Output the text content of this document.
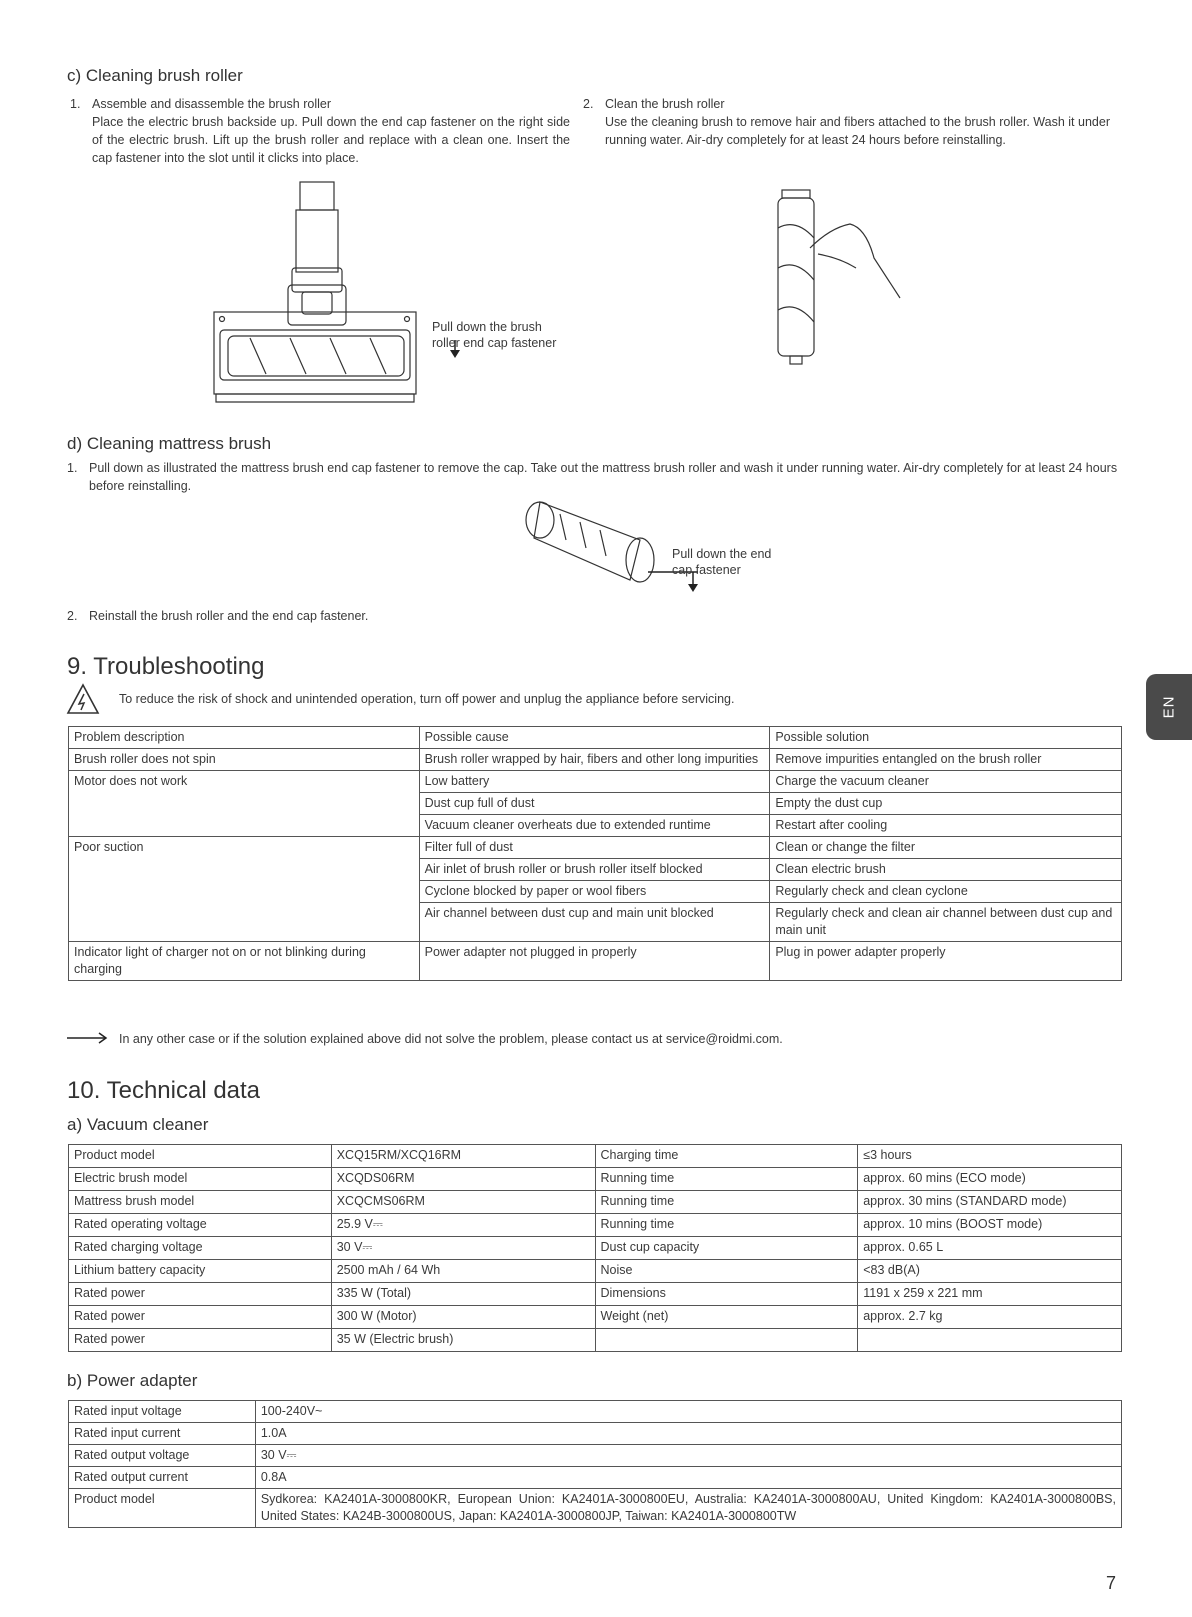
c) Cleaning brush roller
1. Assemble and disassemble the brush roller
Place the electric brush backside up. Pull down the end cap fastener on the right side of the electric brush. Lift up the brush roller and replace with a clean one. Insert the cap fastener into the slot until it clicks into place.
2. Clean the brush roller
Use the cleaning brush to remove hair and fibers attached to the brush roller. Wash it under running water. Air-dry completely for at least 24 hours before reinstalling.
Pull down the brush
roller end cap fastener
d) Cleaning mattress brush
1. Pull down as illustrated the mattress brush end cap fastener to remove the cap. Take out the mattress brush roller and wash it under running water. Air-dry completely for at least 24 hours before reinstalling.
Pull down the end
cap fastener
2. Reinstall the brush roller and the end cap fastener.
9. Troubleshooting
To reduce the risk of shock and unintended operation, turn off power and unplug the appliance before servicing.
Problem description	Possible cause	Possible solution
Brush roller does not spin	Brush roller wrapped by hair, fibers and other long impurities	Remove impurities entangled on the brush roller
Motor does not work	Low battery	Charge the vacuum cleaner
	Dust cup full of dust	Empty the dust cup
	Vacuum cleaner overheats due to extended runtime	Restart after cooling
Poor suction	Filter full of dust	Clean or change the filter
	Air inlet of brush roller or brush roller itself blocked	Clean electric brush
	Cyclone blocked by paper or wool fibers	Regularly check and clean cyclone
	Air channel between dust cup and main unit blocked	Regularly check and clean air channel between dust cup and main unit
Indicator light of charger not on or not blinking during charging	Power adapter not plugged in properly	Plug in power adapter properly
In any other case or if the solution explained above did not solve the problem, please contact us at service@roidmi.com.
10. Technical data
a) Vacuum cleaner
Product model	XCQ15RM/XCQ16RM	Charging time	≤3 hours
Electric brush model	XCQDS06RM	Running time	approx. 60 mins (ECO mode)
Mattress brush model	XCQCMS06RM	Running time	approx. 30 mins (STANDARD mode)
Rated operating voltage	25.9 V⎓	Running time	approx. 10 mins (BOOST mode)
Rated charging voltage	30 V⎓	Dust cup capacity	approx. 0.65 L
Lithium battery capacity	2500 mAh / 64 Wh	Noise	<83 dB(A)
Rated power	335 W (Total)	Dimensions	1191 x 259 x 221 mm
Rated power	300 W (Motor)	Weight (net)	approx. 2.7 kg
Rated power	35 W (Electric brush)		
b) Power adapter
Rated input voltage	100-240V~
Rated input current	1.0A
Rated output voltage	30 V⎓
Rated output current	0.8A
Product model	Sydkorea: KA2401A-3000800KR, European Union: KA2401A-3000800EU, Australia: KA2401A-3000800AU, United Kingdom: KA2401A-3000800BS, United States: KA24B-3000800US, Japan: KA2401A-3000800JP, Taiwan: KA2401A-3000800TW
7
EN
